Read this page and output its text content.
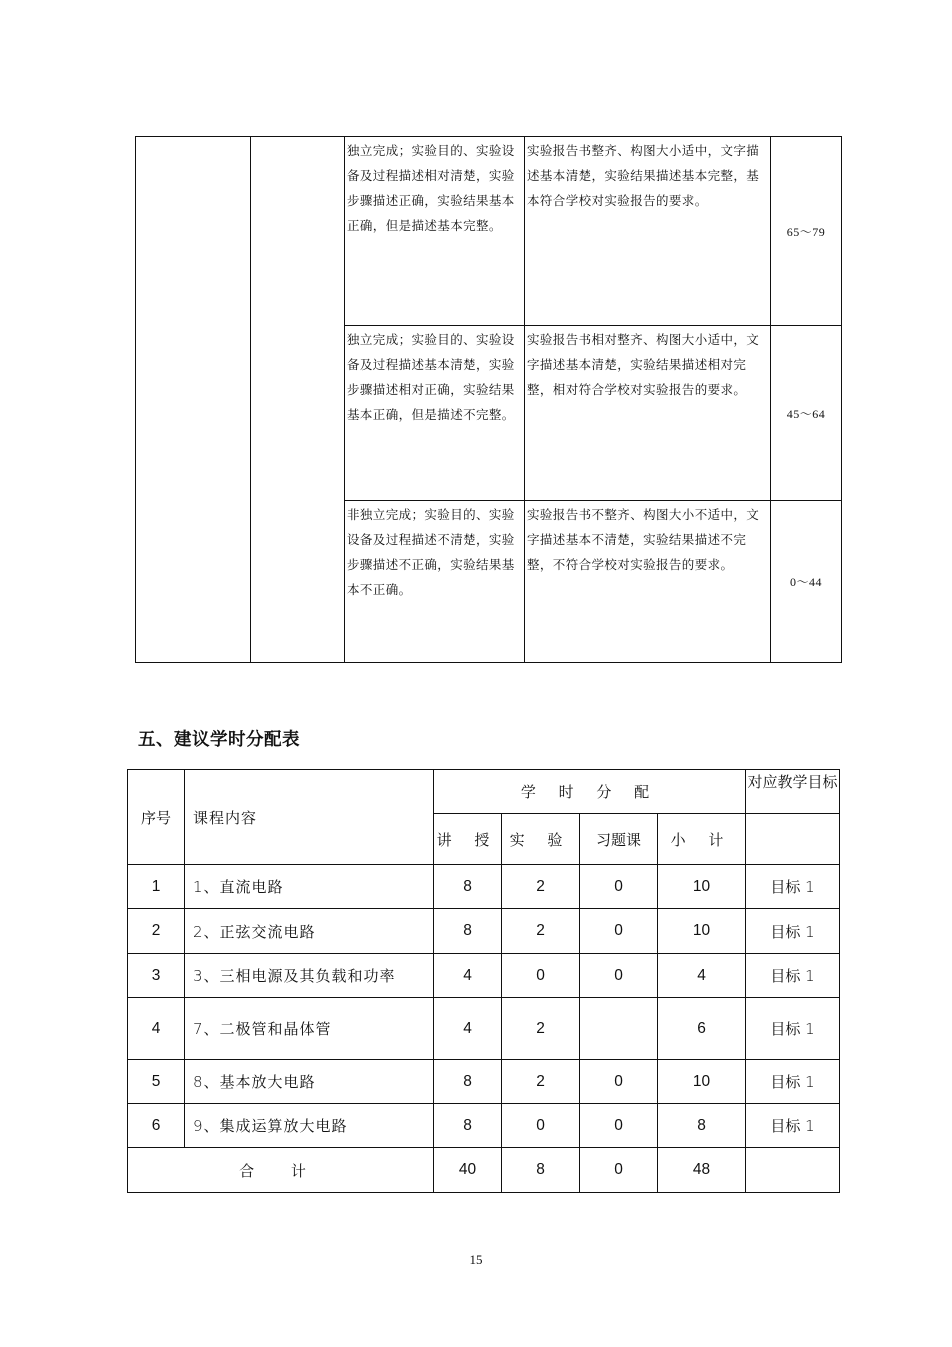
		独立完成；实验目的、实验设备及过程描述相对清楚，实验步骤描述正确，实验结果基本正确，但是描述基本完整。	实验报告书整齐、构图大小适中，文字描述基本清楚，实验结果描述基本完整，基本符合学校对实验报告的要求。	65～79
		独立完成；实验目的、实验设备及过程描述基本清楚，实验步骤描述相对正确，实验结果基本正确，但是描述不完整。	实验报告书相对整齐、构图大小适中，文字描述基本清楚，实验结果描述相对完整，相对符合学校对实验报告的要求。	45～64
		非独立完成；实验目的、实验设备及过程描述不清楚，实验步骤描述不正确，实验结果基本不正确。	实验报告书不整齐、构图大小不适中，文字描述基本不清楚，实验结果描述不完整，不符合学校对实验报告的要求。	0～44
五、建议学时分配表
序号	课程内容	学 时 分 配				对应教学目标

		讲 授	实 验	习题课	小 计	
1	1、直流电路	8	2	0	10	目标 1
2	2、正弦交流电路	8	2	0	10	目标 1
3	3、三相电源及其负载和功率	4	0	0	4	目标 1
4	7、二极管和晶体管	4	2		6	目标 1
5	8、基本放大电路	8	2	0	10	目标 1
6	9、集成运算放大电路	8	0	0	8	目标 1
合 计		40	8	0	48	
15
